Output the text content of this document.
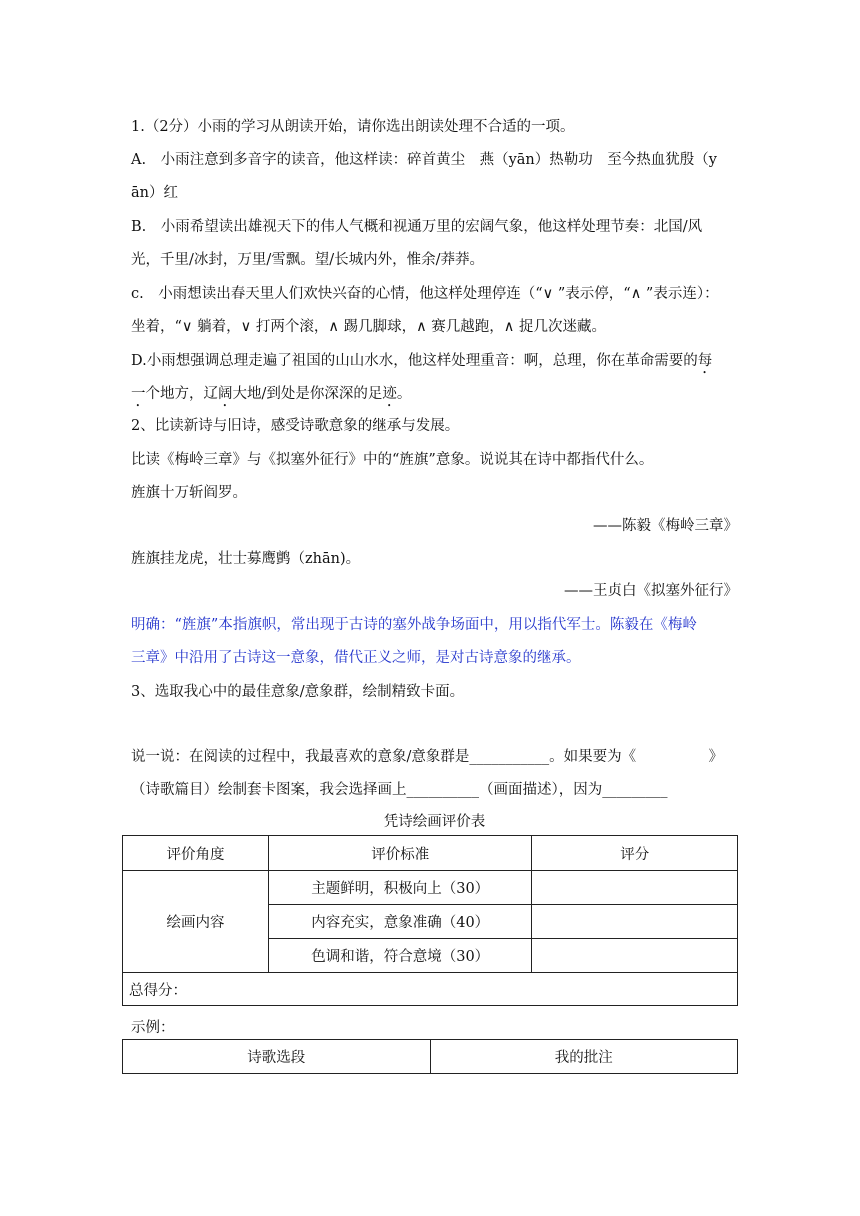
1.（2分）小雨的学习从朗读开始，请你选出朗读处理不合适的一项。
A.　小雨注意到多音字的读音，他这样读：碎首黄尘　燕（yān）热勒功　至今热血犹殷（y
ān）红
B.　小雨希望读出雄视天下的伟人气概和视通万里的宏阔气象，他这样处理节奏：北国/风
光，千里/冰封，万里/雪飘。望/长城内外，惟余/莽莽。
c.　小雨想读出春天里人们欢快兴奋的心情，他这样处理停连（“∨ ”表示停，“∧ ”表示连）：
坐着，“∨ 躺着，∨ 打两个滚，∧ 踢几脚球，∧ 赛几越跑，∧ 捉几次迷藏。
D.小雨想强调总理走遍了祖国的山山水水，他这样处理重音：啊，总理，你在革命需要的每
一个地方，辽阔大地/到处是你深深的足迹。
2、比读新诗与旧诗，感受诗歌意象的继承与发展。
比读《梅岭三章》与《拟塞外征行》中的“旌旗”意象。说说其在诗中都指代什么。
旌旗十万斩阎罗。
——陈毅《梅岭三章》
旌旗挂龙虎，壮士募鹰鹯（zhān)。
——王贞白《拟塞外征行》
明确：“旌旗”本指旗帜，常出现于古诗的塞外战争场面中，用以指代军士。陈毅在《梅岭
三章》中沿用了古诗这一意象，借代正义之师，是对古诗意象的继承。
3、选取我心中的最佳意象/意象群，绘制精致卡面。
说一说：在阅读的过程中，我最喜欢的意象/意象群是___________。如果要为《　　　　　》
（诗歌篇目）绘制套卡图案，我会选择画上__________（画面描述），因为_________
凭诗绘画评价表
评价角度	评价标准	评分
绘画内容	主题鲜明，积极向上（30）	
	内容充实，意象准确（40）	
	色调和谐，符合意境（30）	
总得分：		
示例：
诗歌选段	我的批注
